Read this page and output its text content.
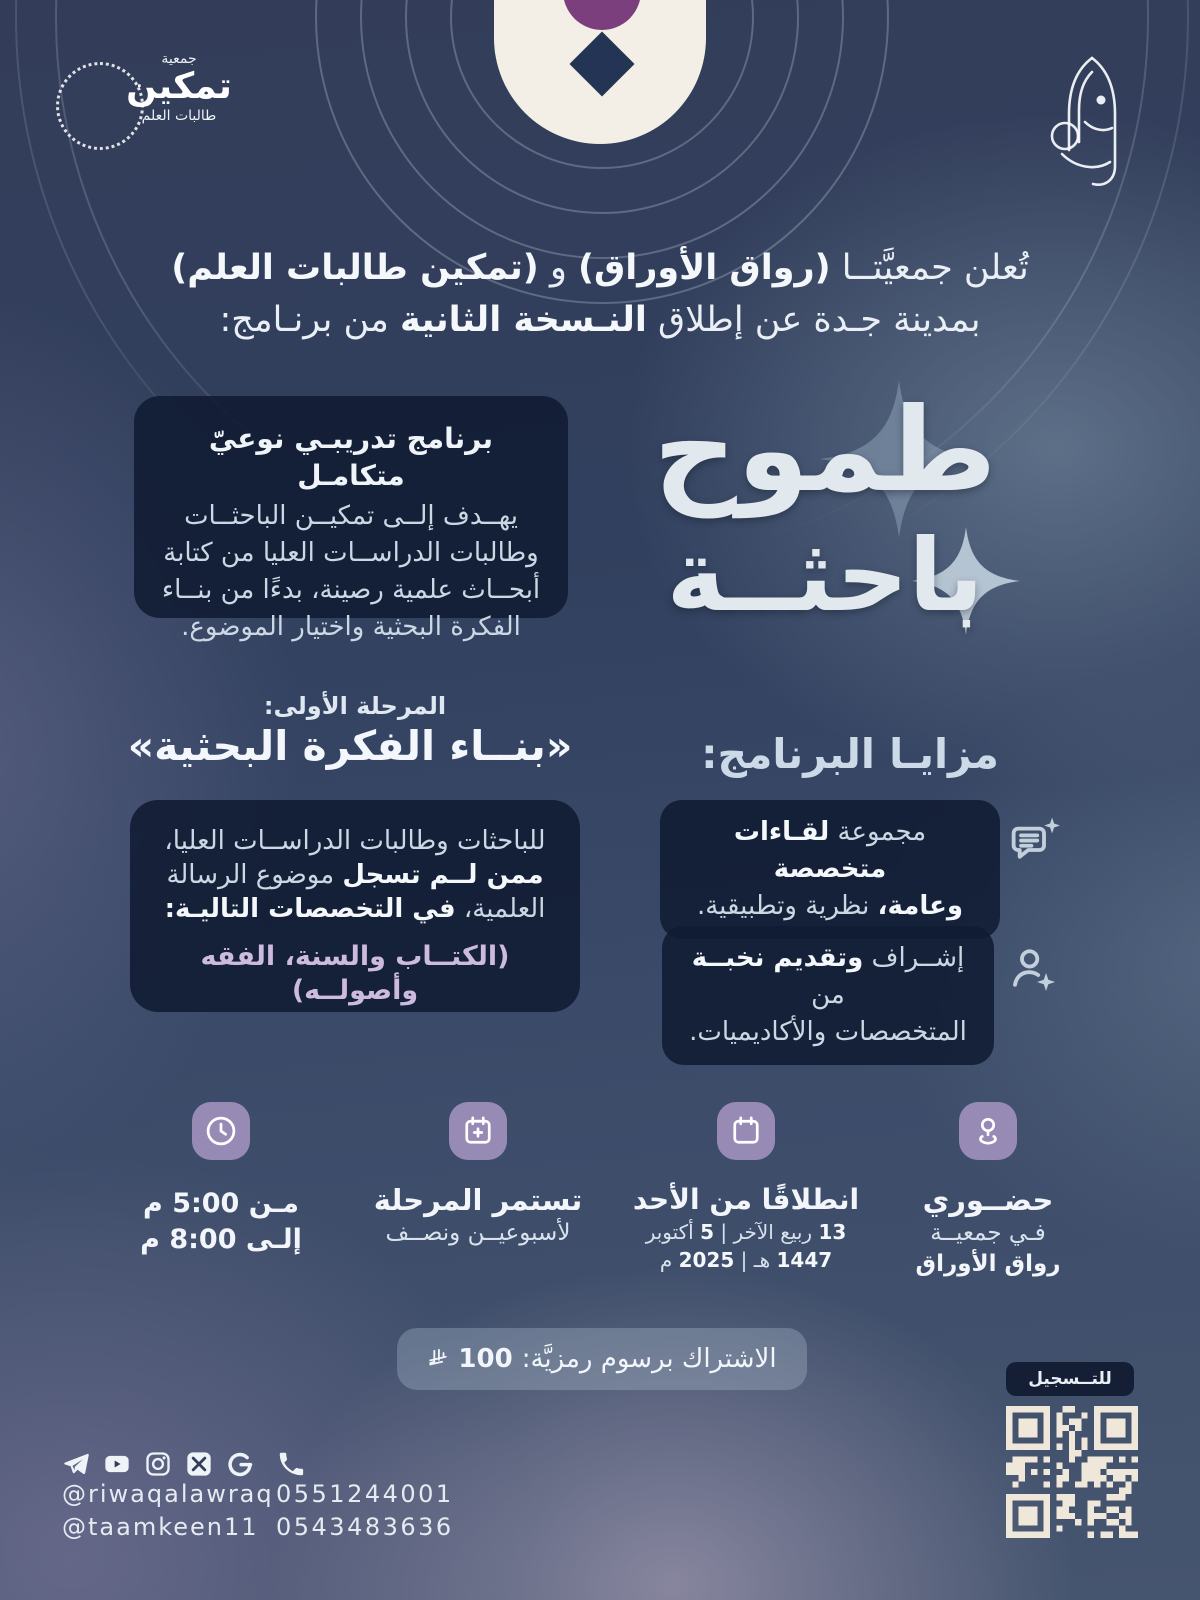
جمعية
تمكين
طالبات العلم
تُعلن جمعيَّتــا (رواق الأوراق) و (تمكين طالبات العلم)
بمدينة جـدة عن إطلاق النـسخة الثانية من برنـامج:
برنامج تدريبـي نوعيّ متكامـل
يهــدف إلــى تمكيــن الباحثــات
وطالبات الدراســات العليا من كتابة
أبحــاث علمية رصينة، بدءًا من بنــاء
الفكرة البحثية واختيار الموضوع.
طموح
باحثــة
المرحلة الأولى:
«بنــاء الفكرة البحثية»	مزايـا البرنامج:
للباحثات وطالبات الدراســات العليا،
ممن لــم تسجل موضوع الرسالة
العلمية، في التخصصات التاليـة:
(الكتــاب والسنة، الفقه وأصولــه)
مجموعة لقـاءات متخصصة
وعامة، نظرية وتطبيقية.
إشــراف وتقديم نخبــة من
المتخصصات والأكاديميات.
حضــوري
فـي جمعيــة
رواق الأوراق
انطلاقًا من الأحد
13 ربيع الآخر | 5 أكتوبر
1447 هـ | 2025 م
تستمر المرحلة
لأسبوعيــن ونصــف
مـن 5:00 م
إلـى 8:00 م
الاشتراك برسوم رمزيَّة:
100
للتــسجيل
@riwaqalawraq
@taamkeen11
0551244001
0543483636
